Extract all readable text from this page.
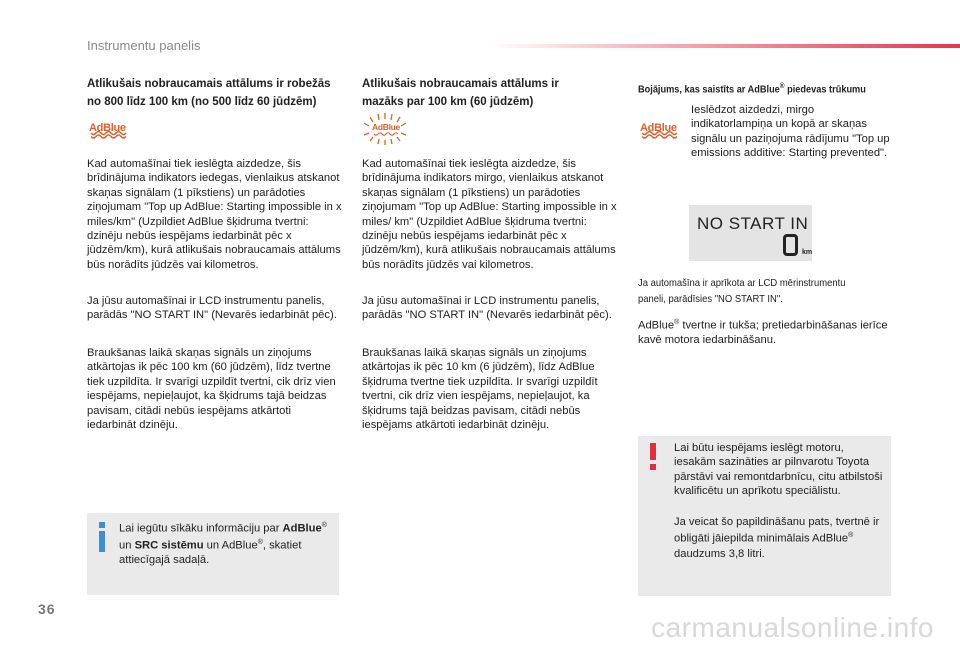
Instrumentu panelis
Atlikušais nobraucamais attālums ir robežās no 800 līdz 100 km (no 500 līdz 60 jūdzēm)
AdBlue

Kad automašīnai tiek ieslēgta aizdedze, šis brīdinājuma indikators iedegas, vienlaikus atskanot skaņas signālam (1 pīkstiens) un parādoties ziņojumam "Top up AdBlue: Starting impossible in x miles/km" (Uzpildiet AdBlue šķidruma tvertni: dzinēju nebūs iespējams iedarbināt pēc x jūdzēm/km), kurā atlikušais nobraucamais attālums būs norādīts jūdzēs vai kilometros.

Ja jūsu automašīnai ir LCD instrumentu panelis, parādās "NO START IN" (Nevarēs iedarbināt pēc).

Braukšanas laikā skaņas signāls un ziņojums atkārtojas ik pēc 100 km (60 jūdzēm), līdz tvertne tiek uzpildīta. Ir svarīgi uzpildīt tvertni, cik drīz vien iespējams, nepieļaujot, ka šķidrums tajā beidzas pavisam, citādi nebūs iespējams atkārtoti iedarbināt dzinēju.

Lai iegūtu sīkāku informāciju par AdBlue® un SRC sistēmu un AdBlue®, skatiet attiecīgajā sadaļā.

Atlikušais nobraucamais attālums ir mazāks par 100 km (60 jūdzēm)
AdBlue

Kad automašīnai tiek ieslēgta aizdedze, šis brīdinājuma indikators mirgo, vienlaikus atskanot skaņas signālam (1 pīkstiens) un parādoties ziņojumam "Top up AdBlue: Starting impossible in x miles/ km" (Uzpildiet AdBlue šķidruma tvertni: dzinēju nebūs iespējams iedarbināt pēc x jūdzēm/km), kurā atlikušais nobraucamais attālums būs norādīts jūdzēs vai kilometros.

Ja jūsu automašīnai ir LCD instrumentu panelis, parādās "NO START IN" (Nevarēs iedarbināt pēc).

Braukšanas laikā skaņas signāls un ziņojums atkārtojas ik pēc 10 km (6 jūdzēm), līdz AdBlue šķidruma tvertne tiek uzpildīta. Ir svarīgi uzpildīt tvertni, cik drīz vien iespējams, nepieļaujot, ka šķidrums tajā beidzas pavisam, citādi nebūs iespējams atkārtoti iedarbināt dzinēju.

Bojājums, kas saistīts ar AdBlue® piedevas trūkumu
AdBlue

Ieslēdzot aizdedzi, mirgo indikatorlampiņa un kopā ar skaņas signālu un paziņojuma rādījumu "Top up emissions additive: Starting prevented".

NO START IN
km

Ja automašīna ir aprīkota ar LCD mērinstrumentu paneli, parādīsies "NO START IN".

AdBlue® tvertne ir tukša; pretiedarbināšanas ierīce kavē motora iedarbināšanu.

Lai būtu iespējams ieslēgt motoru, iesakām sazināties ar pilnvarotu Toyota pārstāvi vai remontdarbnīcu, citu atbilstoši kvalificētu un aprīkotu speciālistu.

Ja veicat šo papildināšanu pats, tvertnē ir obligāti jāiepilda minimālais AdBlue® daudzums 3,8 litri.

36
carmanualsonline.info
